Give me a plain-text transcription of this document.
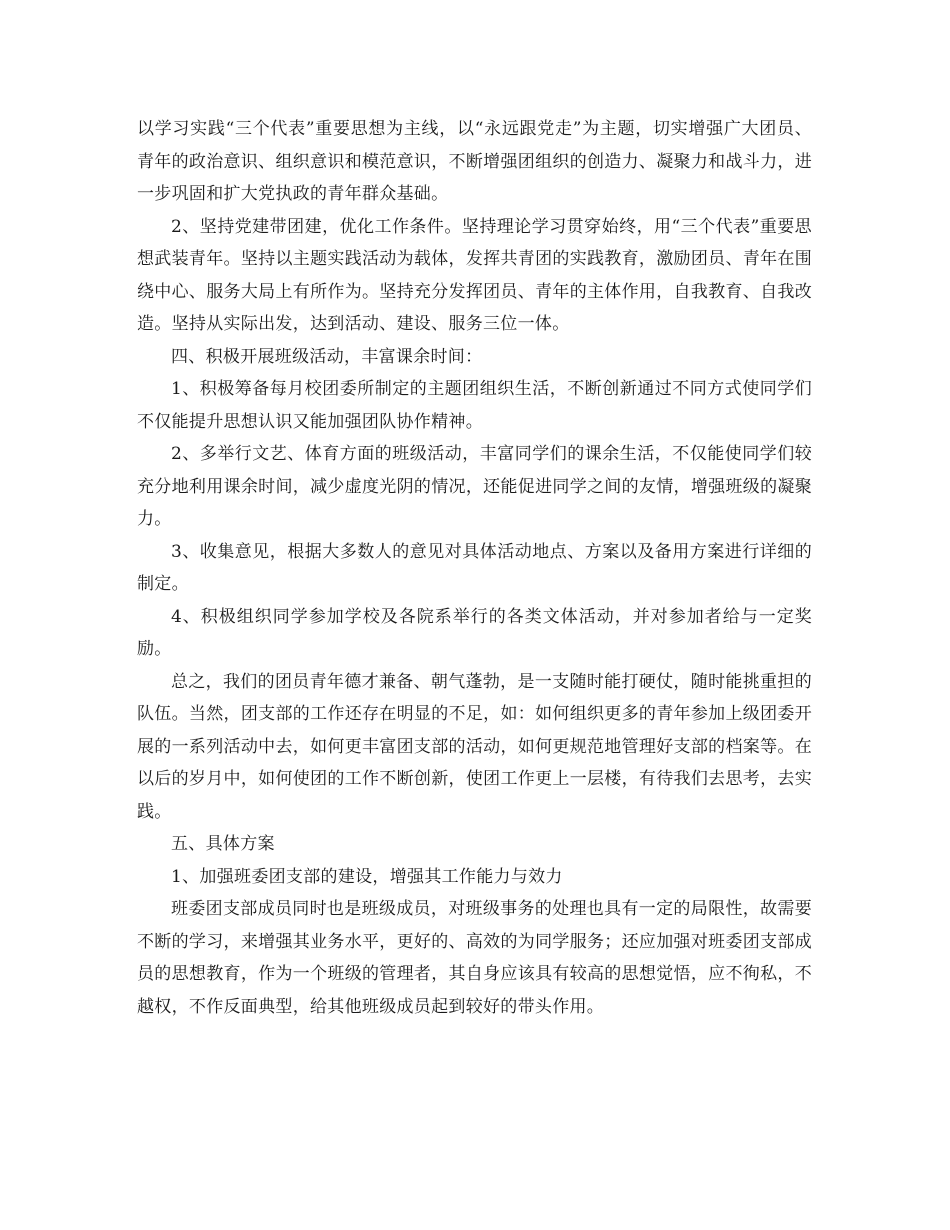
以学习实践“三个代表”重要思想为主线，以“永远跟党走”为主题，切实增强广大团员、青年的政治意识、组织意识和模范意识，不断增强团组织的创造力、凝聚力和战斗力，进一步巩固和扩大党执政的青年群众基础。

2、坚持党建带团建，优化工作条件。坚持理论学习贯穿始终，用“三个代表”重要思想武装青年。坚持以主题实践活动为载体，发挥共青团的实践教育，激励团员、青年在围绕中心、服务大局上有所作为。坚持充分发挥团员、青年的主体作用，自我教育、自我改造。坚持从实际出发，达到活动、建设、服务三位一体。

四、积极开展班级活动，丰富课余时间：

1、积极筹备每月校团委所制定的主题团组织生活，不断创新通过不同方式使同学们不仅能提升思想认识又能加强团队协作精神。

2、多举行文艺、体育方面的班级活动，丰富同学们的课余生活，不仅能使同学们较充分地利用课余时间，减少虚度光阴的情况，还能促进同学之间的友情，增强班级的凝聚力。

3、收集意见，根据大多数人的意见对具体活动地点、方案以及备用方案进行详细的制定。

4、积极组织同学参加学校及各院系举行的各类文体活动，并对参加者给与一定奖励。

总之，我们的团员青年德才兼备、朝气蓬勃，是一支随时能打硬仗，随时能挑重担的队伍。当然，团支部的工作还存在明显的不足，如：如何组织更多的青年参加上级团委开展的一系列活动中去，如何更丰富团支部的活动，如何更规范地管理好支部的档案等。在以后的岁月中，如何使团的工作不断创新，使团工作更上一层楼，有待我们去思考，去实践。

五、具体方案

1、加强班委团支部的建设，增强其工作能力与效力

班委团支部成员同时也是班级成员，对班级事务的处理也具有一定的局限性，故需要不断的学习，来增强其业务水平，更好的、高效的为同学服务；还应加强对班委团支部成员的思想教育，作为一个班级的管理者，其自身应该具有较高的思想觉悟，应不徇私，不越权，不作反面典型，给其他班级成员起到较好的带头作用。
